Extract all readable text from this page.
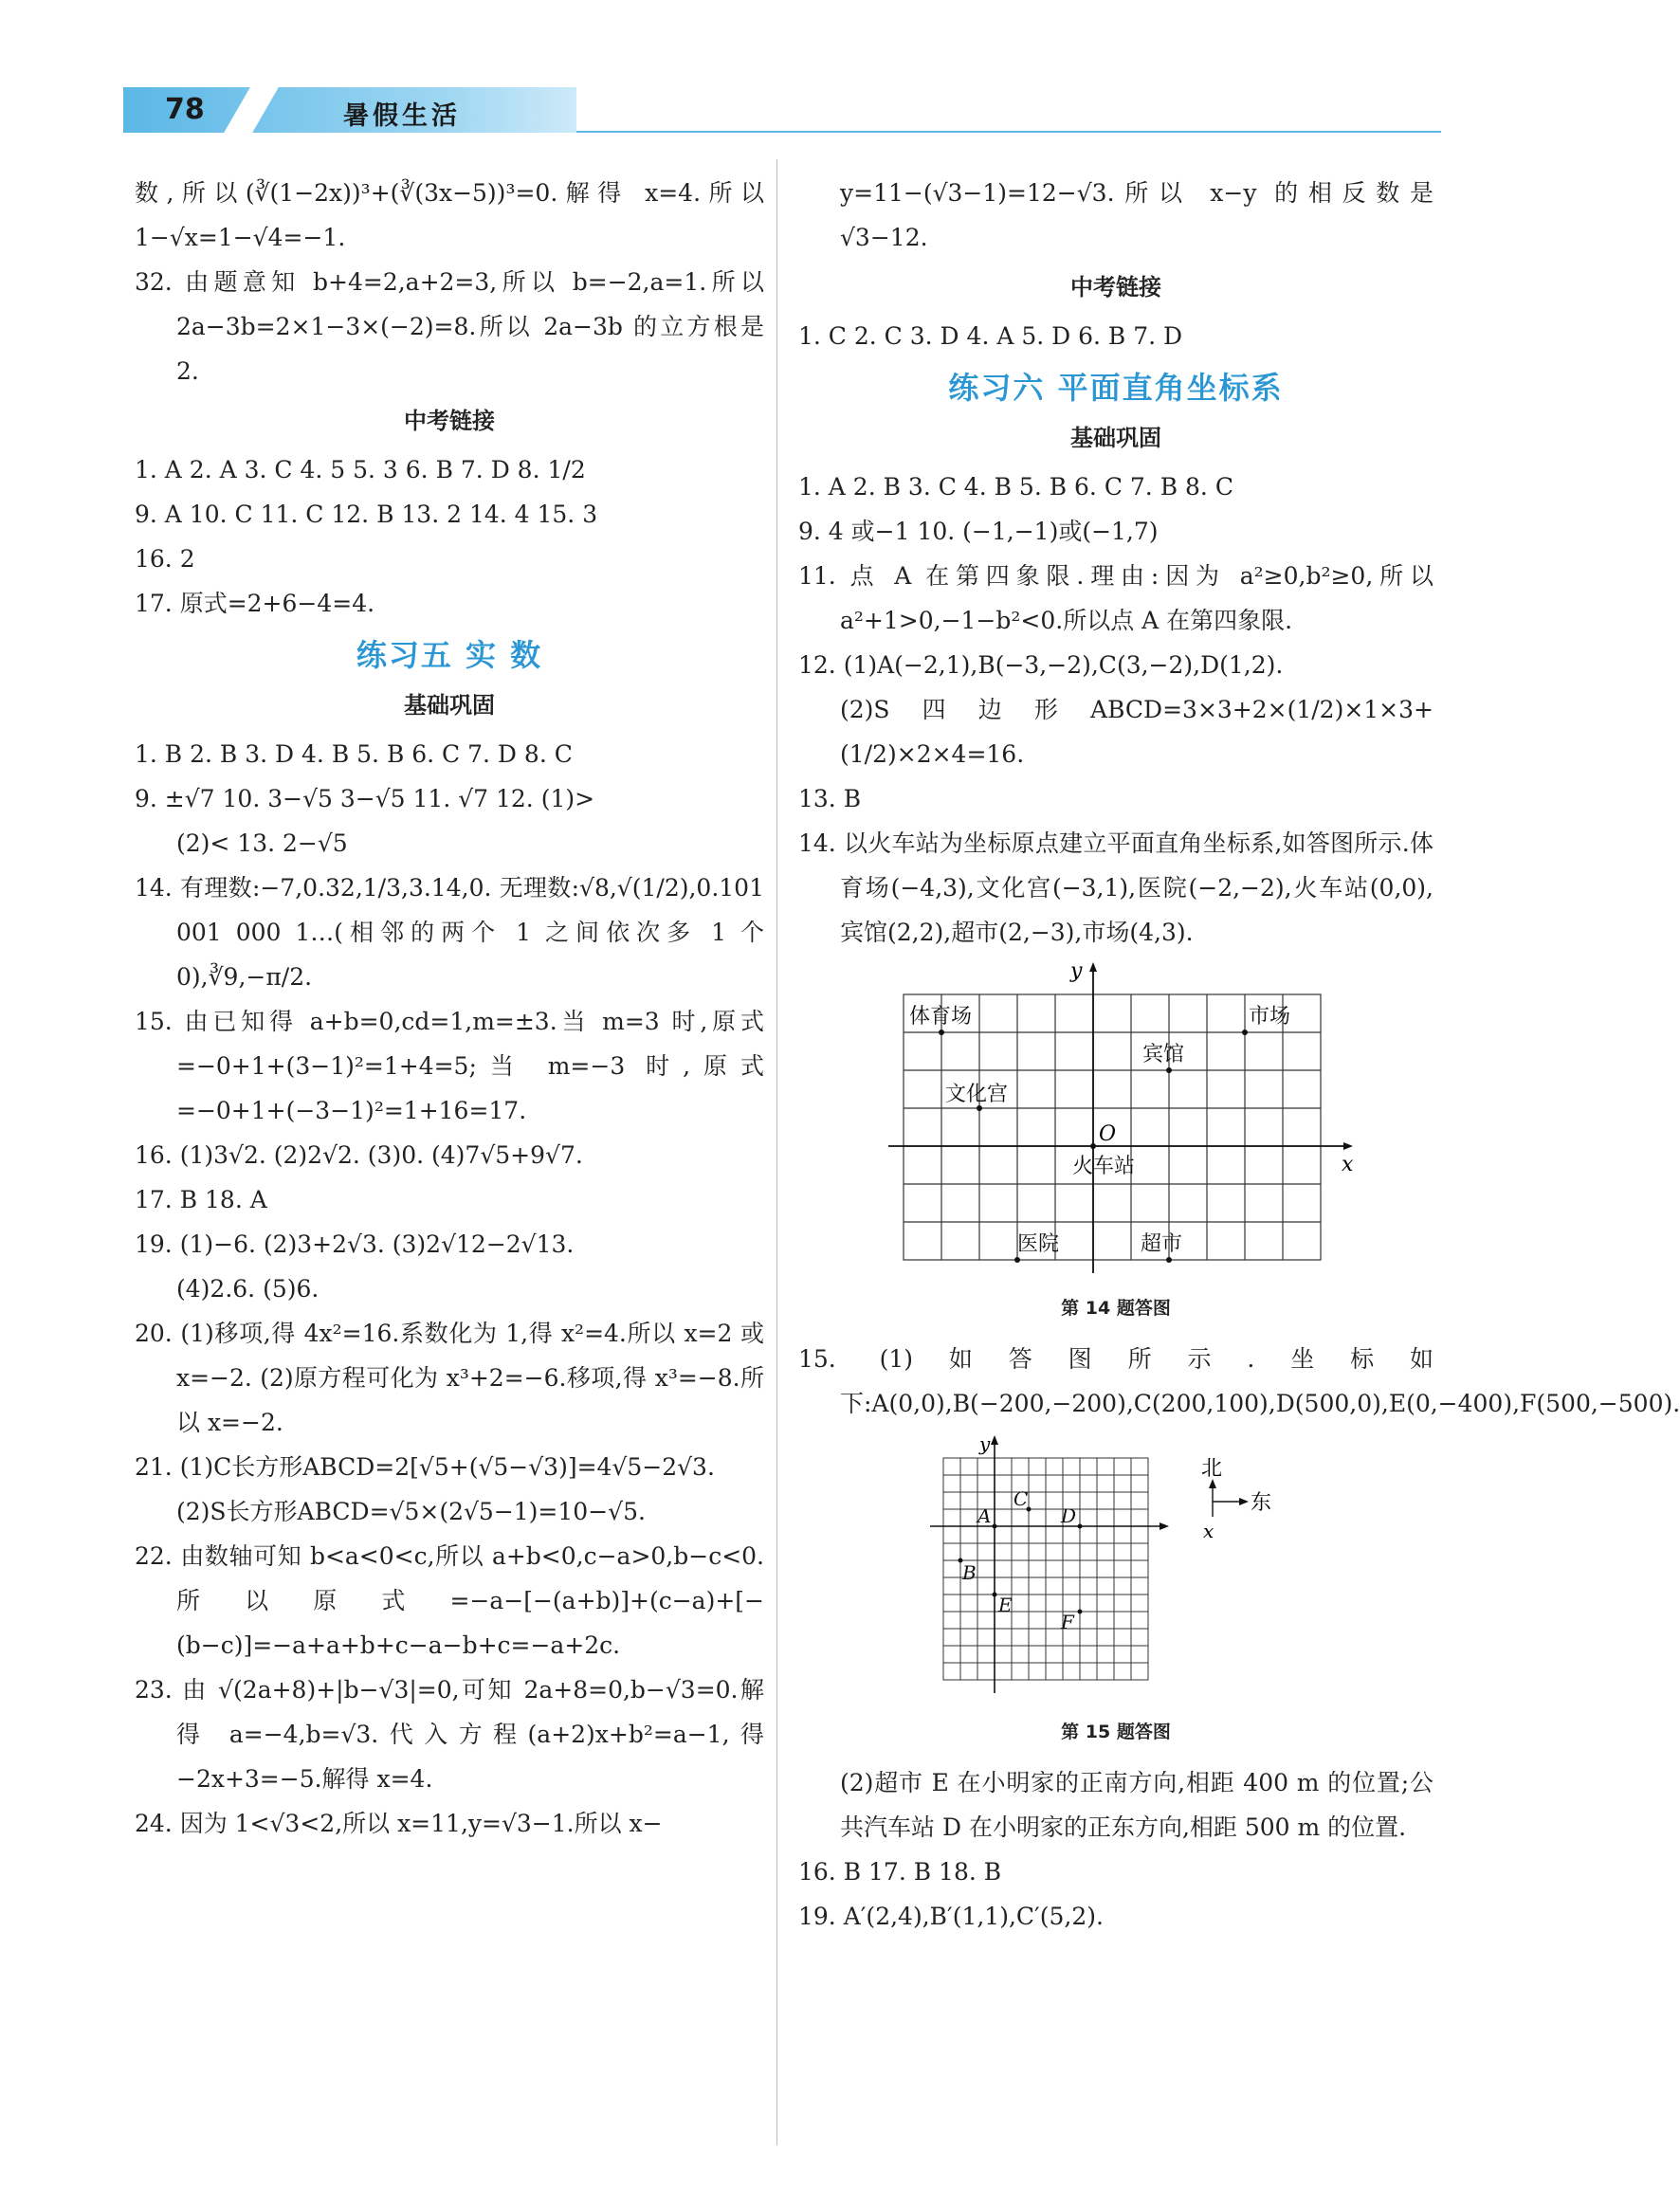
78	暑假生活

数,所以(∛(1−2x))³+(∛(3x−5))³=0.解得 x=4.所以 1−√x=1−√4=−1.

32. 由题意知 b+4=2,a+2=3,所以 b=−2,a=1.所以 2a−3b=2×1−3×(−2)=8.所以 2a−3b 的立方根是 2.

中考链接

1. A 2. A 3. C 4. 5 5. 3 6. B 7. D 8. 1/2

9. A 10. C 11. C 12. B 13. 2 14. 4 15. 3

16. 2

17. 原式=2+6−4=4.

练习五 实 数
基础巩固

1. B 2. B 3. D 4. B 5. B 6. C 7. D 8. C

9. ±√7 10. 3−√5 3−√5 11. √7 12. (1)>

(2)< 13. 2−√5

14. 有理数:−7,0.32,1/3,3.14,0. 无理数:√8,√(1/2),0.101 001 000 1…(相邻的两个 1 之间依次多 1 个 0),∛9,−π/2.

15. 由已知得 a+b=0,cd=1,m=±3.当 m=3 时,原式=−0+1+(3−1)²=1+4=5;当 m=−3 时,原式=−0+1+(−3−1)²=1+16=17.

16. (1)3√2. (2)2√2. (3)0. (4)7√5+9√7.

17. B 18. A

19. (1)−6. (2)3+2√3. (3)2√12−2√13.

(4)2.6. (5)6.

20. (1)移项,得 4x²=16.系数化为 1,得 x²=4.所以 x=2 或 x=−2. (2)原方程可化为 x³+2=−6.移项,得 x³=−8.所以 x=−2.

21. (1)C长方形ABCD=2[√5+(√5−√3)]=4√5−2√3.

(2)S长方形ABCD=√5×(2√5−1)=10−√5.

22. 由数轴可知 b<a<0<c,所以 a+b<0,c−a>0,b−c<0.所以原式=−a−[−(a+b)]+(c−a)+[−(b−c)]=−a+a+b+c−a−b+c=−a+2c.

23. 由 √(2a+8)+|b−√3|=0,可知 2a+8=0,b−√3=0.解得 a=−4,b=√3.代入方程(a+2)x+b²=a−1,得−2x+3=−5.解得 x=4.

24. 因为 1<√3<2,所以 x=11,y=√3−1.所以 x−

y=11−(√3−1)=12−√3.所以 x−y 的相反数是 √3−12.

中考链接

1. C 2. C 3. D 4. A 5. D 6. B 7. D

练习六 平面直角坐标系
基础巩固

1. A 2. B 3. C 4. B 5. B 6. C 7. B 8. C

9. 4 或−1 10. (−1,−1)或(−1,7)

11. 点 A 在第四象限.理由:因为 a²≥0,b²≥0,所以 a²+1>0,−1−b²<0.所以点 A 在第四象限.

12. (1)A(−2,1),B(−3,−2),C(3,−2),D(1,2).

(2)S四边形ABCD=3×3+2×(1/2)×1×3+(1/2)×2×4=16.

13. B

14. 以火车站为坐标原点建立平面直角坐标系,如答图所示.体育场(−4,3),文化宫(−3,1),医院(−2,−2),火车站(0,0),宾馆(2,2),超市(2,−3),市场(4,3).

x
y
O
体育场	市场
宾馆
文化宫
火车站
医院	超市
第 14 题答图

15. (1)如答图所示.坐标如下:A(0,0),B(−200,−200),C(200,100),D(500,0),E(0,−400),F(500,−500).

y
A
B
C
D
E
F
北
东
x
第 15 题答图

(2)超市 E 在小明家的正南方向,相距 400 m 的位置;公共汽车站 D 在小明家的正东方向,相距 500 m 的位置.

16. B 17. B 18. B

19. A′(2,4),B′(1,1),C′(5,2).
